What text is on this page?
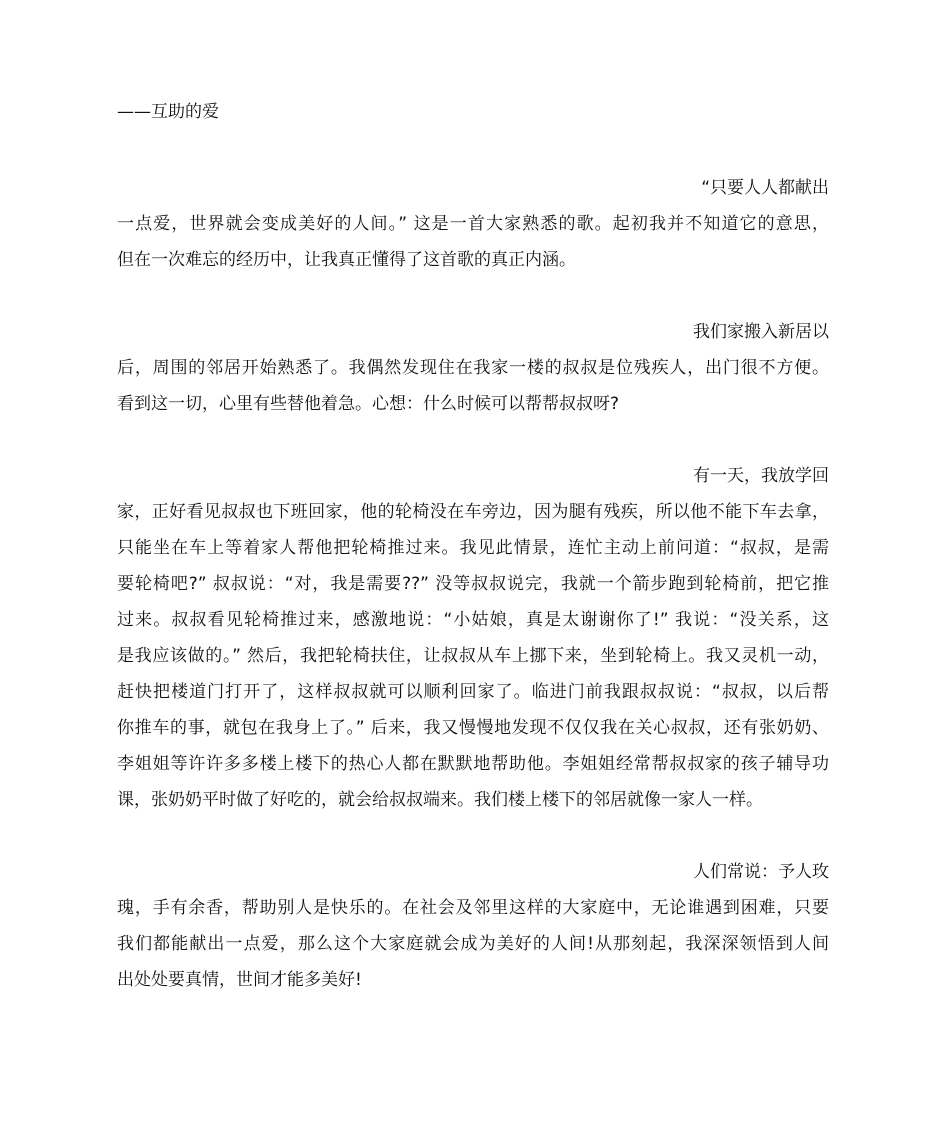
——互助的爱
“只要人人都献出
一点爱，世界就会变成美好的人间。” 这是一首大家熟悉的歌。起初我并不知道它的意思，
但在一次难忘的经历中，让我真正懂得了这首歌的真正内涵。
我们家搬入新居以
后，周围的邻居开始熟悉了。我偶然发现住在我家一楼的叔叔是位残疾人，出门很不方便。
看到这一切，心里有些替他着急。心想：什么时候可以帮帮叔叔呀?
有一天，我放学回
家，正好看见叔叔也下班回家，他的轮椅没在车旁边，因为腿有残疾，所以他不能下车去拿，
只能坐在车上等着家人帮他把轮椅推过来。我见此情景，连忙主动上前问道：“叔叔，是需
要轮椅吧?” 叔叔说：“对，我是需要??” 没等叔叔说完，我就一个箭步跑到轮椅前，把它推
过来。叔叔看见轮椅推过来，感激地说：“小姑娘，真是太谢谢你了!” 我说：“没关系，这
是我应该做的。” 然后，我把轮椅扶住，让叔叔从车上挪下来，坐到轮椅上。我又灵机一动，
赶快把楼道门打开了，这样叔叔就可以顺利回家了。临进门前我跟叔叔说：“叔叔，以后帮
你推车的事，就包在我身上了。” 后来，我又慢慢地发现不仅仅我在关心叔叔，还有张奶奶、
李姐姐等许许多多楼上楼下的热心人都在默默地帮助他。李姐姐经常帮叔叔家的孩子辅导功
课，张奶奶平时做了好吃的，就会给叔叔端来。我们楼上楼下的邻居就像一家人一样。
人们常说：予人玫
瑰，手有余香，帮助别人是快乐的。在社会及邻里这样的大家庭中，无论谁遇到困难，只要
我们都能献出一点爱，那么这个大家庭就会成为美好的人间!从那刻起，我深深领悟到人间
出处处要真情，世间才能多美好!
